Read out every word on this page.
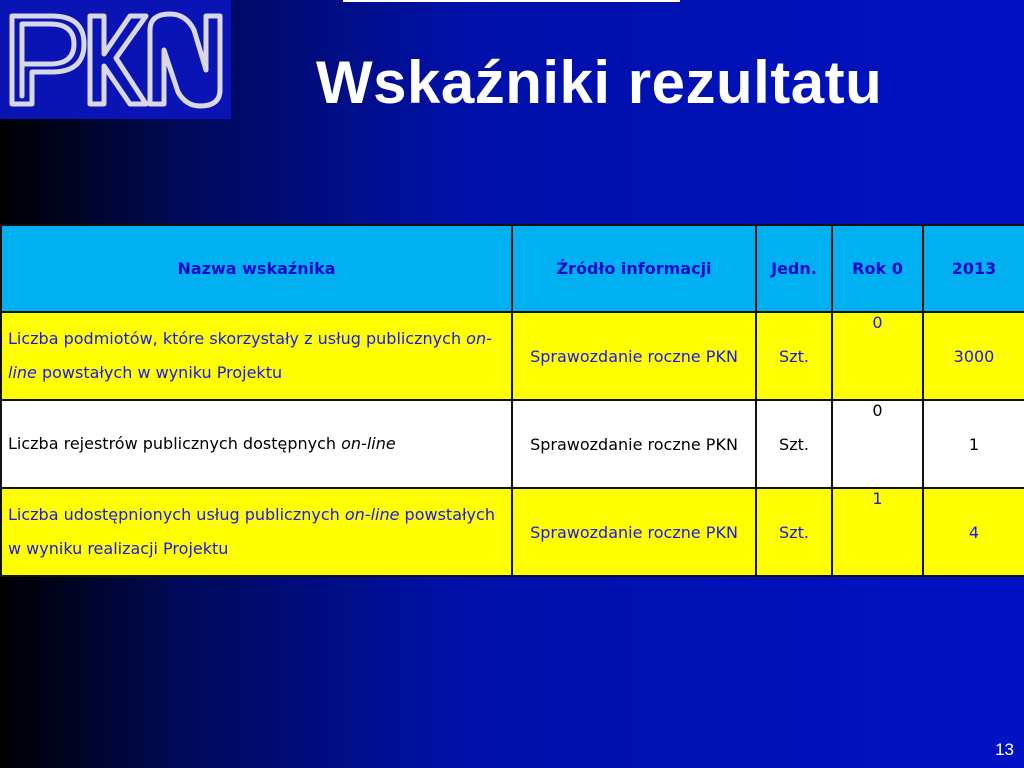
Wskaźniki rezultatu
Nazwa wskaźnika	Źródło informacji	Jedn.	Rok 0	2013
Liczba podmiotów, które skorzystały z usług publicznych on-line powstałych w wyniku Projektu	Sprawozdanie roczne PKN	Szt.	0	3000
Liczba rejestrów publicznych dostępnych on-line	Sprawozdanie roczne PKN	Szt.	0	1
Liczba udostępnionych usług publicznych on-line powstałych w wyniku realizacji Projektu	Sprawozdanie roczne PKN	Szt.	1	4
13
